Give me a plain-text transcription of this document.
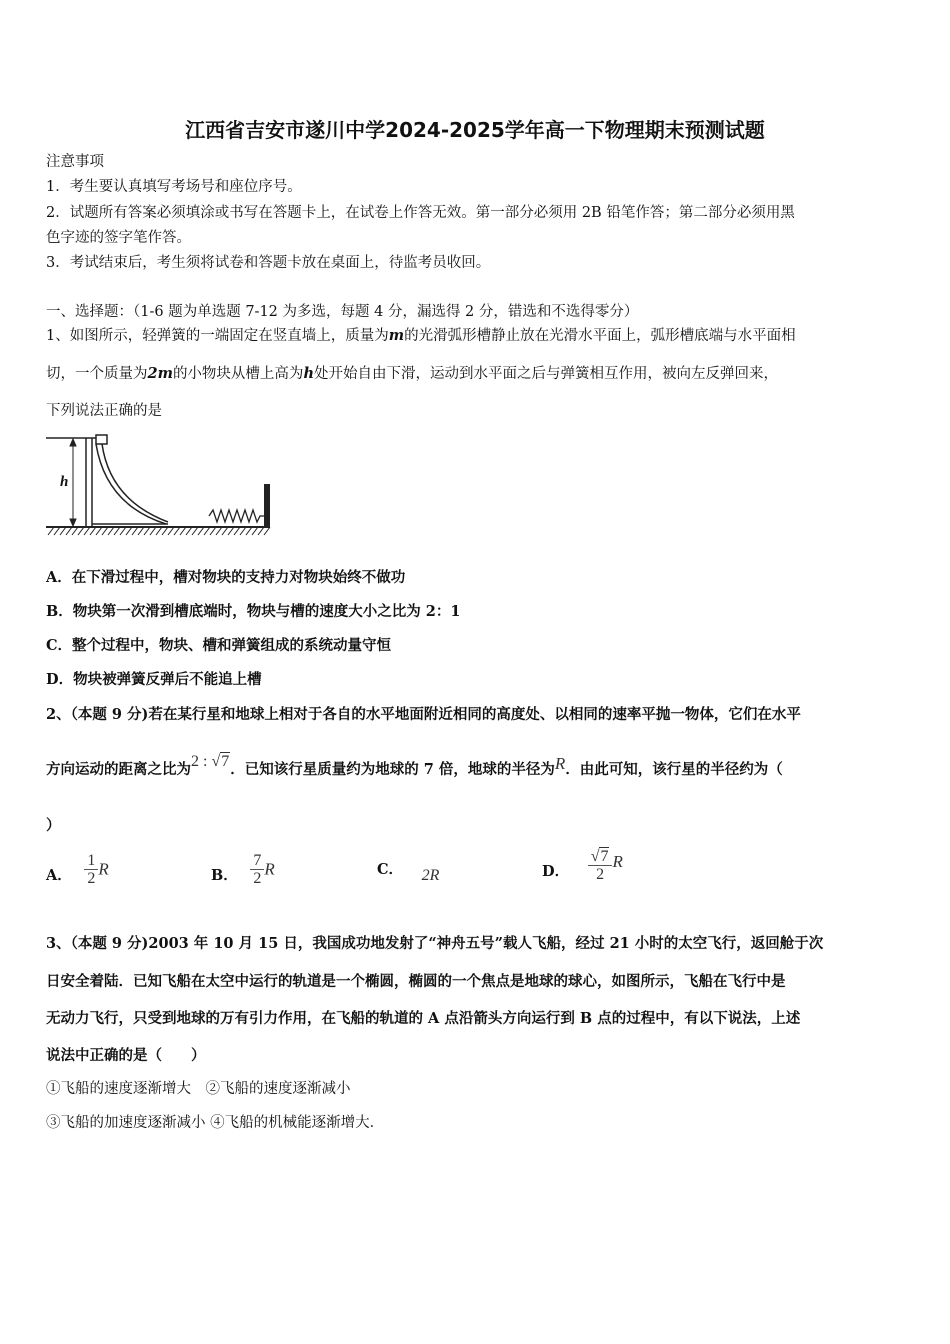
江西省吉安市遂川中学2024-2025学年高一下物理期末预测试题
注意事项
1．考生要认真填写考场号和座位序号。
2．试题所有答案必须填涂或书写在答题卡上，在试卷上作答无效。第一部分必须用 2B 铅笔作答；第二部分必须用黑
色字迹的签字笔作答。
3．考试结束后，考生须将试卷和答题卡放在桌面上，待监考员收回。
一、选择题：（1-6 题为单选题 7-12 为多选，每题 4 分，漏选得 2 分，错选和不选得零分）
1、如图所示，轻弹簧的一端固定在竖直墙上，质量为m的光滑弧形槽静止放在光滑水平面上，弧形槽底端与水平面相
切，一个质量为2m的小物块从槽上高为h处开始自由下滑，运动到水平面之后与弹簧相互作用，被向左反弹回来，
下列说法正确的是
h
A．在下滑过程中，槽对物块的支持力对物块始终不做功
B．物块第一次滑到槽底端时，物块与槽的速度大小之比为 2：1
C．整个过程中，物块、槽和弹簧组成的系统动量守恒
D．物块被弹簧反弹后不能追上槽
2、（本题 9 分)若在某行星和地球上相对于各自的水平地面附近相同的高度处、以相同的速率平抛一物体，它们在水平
方向运动的距离之比为2 : √7．已知该行星质量约为地球的 7 倍，地球的半径为R．由此可知，该行星的半径约为（
）
A． $\frac{1}{2}$ R	B． $\frac{7}{2}$ R	C． 2R	D． $\frac{√7}{2}$ R
3、（本题 9 分)2003 年 10 月 15 日，我国成功地发射了“神舟五号”载人飞船，经过 21 小时的太空飞行，返回舱于次
日安全着陆．已知飞船在太空中运行的轨道是一个椭圆，椭圆的一个焦点是地球的球心，如图所示，飞船在飞行中是
无动力飞行，只受到地球的万有引力作用，在飞船的轨道的 A 点沿箭头方向运行到 B 点的过程中，有以下说法，上述
说法中正确的是（　　）
①飞船的速度逐渐增大　②飞船的速度逐渐减小
③飞船的加速度逐渐减小 ④飞船的机械能逐渐增大．
